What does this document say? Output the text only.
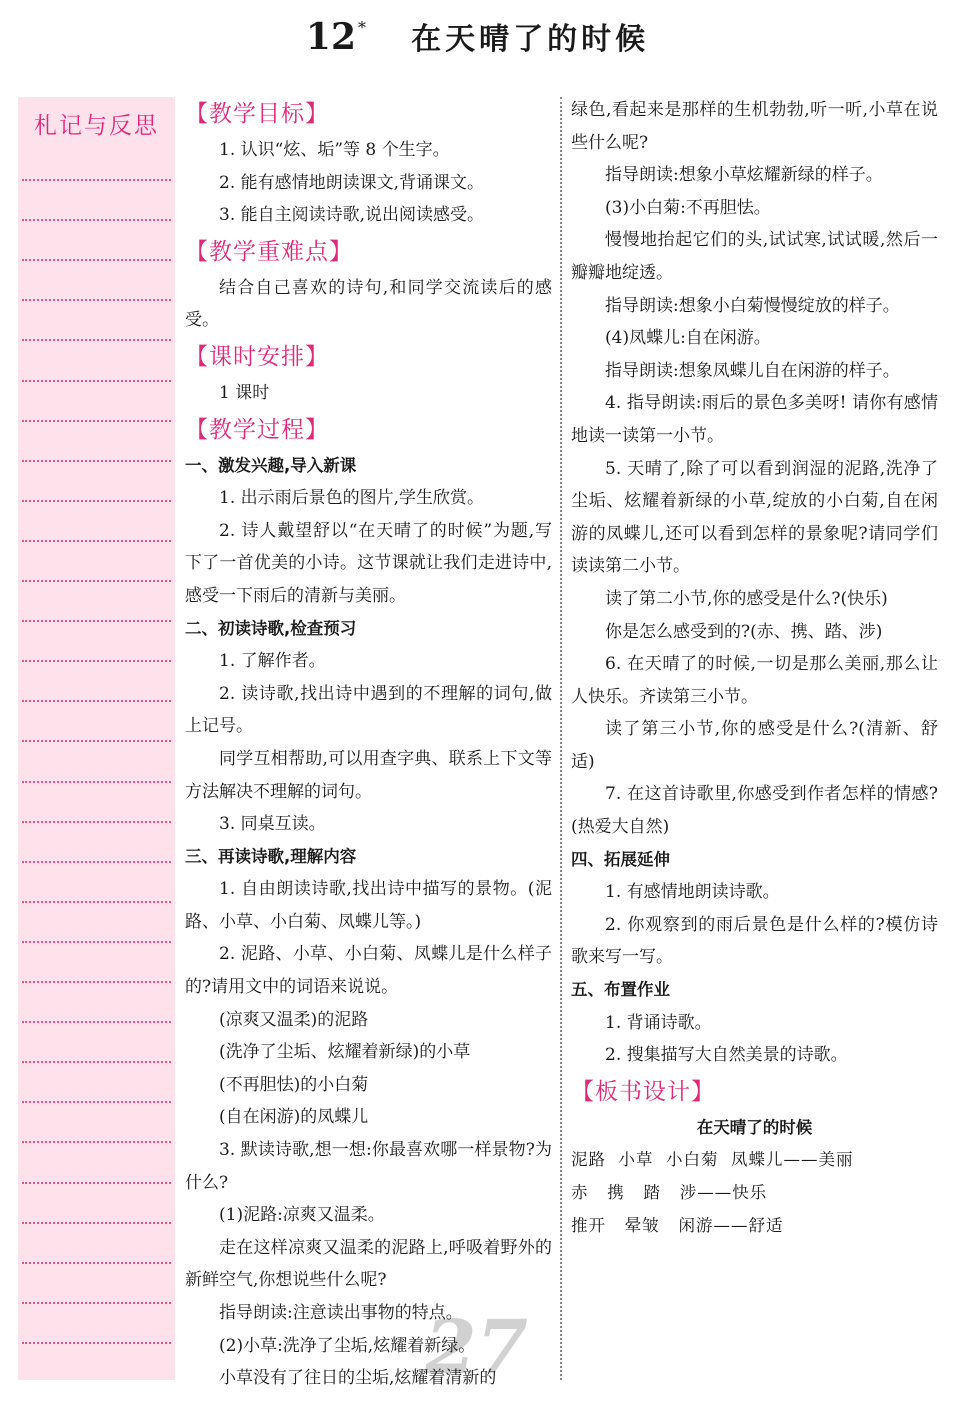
12 * 在天晴了的时候
札记与反思	【教学目标】

1. 认识“炫、垢”等 8 个生字。

2. 能有感情地朗读课文,背诵课文。

3. 能自主阅读诗歌,说出阅读感受。

【教学重难点】

结合自己喜欢的诗句,和同学交流读后的感受。

【课时安排】

1 课时

【教学过程】

一、激发兴趣,导入新课

1. 出示雨后景色的图片,学生欣赏。

2. 诗人戴望舒以“在天晴了的时候”为题,写下了一首优美的小诗。这节课就让我们走进诗中,感受一下雨后的清新与美丽。

二、初读诗歌,检查预习

1. 了解作者。

2. 读诗歌,找出诗中遇到的不理解的词句,做上记号。

同学互相帮助,可以用查字典、联系上下文等方法解决不理解的词句。

3. 同桌互读。

三、再读诗歌,理解内容

1. 自由朗读诗歌,找出诗中描写的景物。(泥路、小草、小白菊、凤蝶儿等。)

2. 泥路、小草、小白菊、凤蝶儿是什么样子的?请用文中的词语来说说。

(凉爽又温柔)的泥路

(洗净了尘垢、炫耀着新绿)的小草

(不再胆怯)的小白菊

(自在闲游)的凤蝶儿

3. 默读诗歌,想一想:你最喜欢哪一样景物?为什么?

(1)泥路:凉爽又温柔。

走在这样凉爽又温柔的泥路上,呼吸着野外的新鲜空气,你想说些什么呢?

指导朗读:注意读出事物的特点。

(2)小草:洗净了尘垢,炫耀着新绿。

小草没有了往日的尘垢,炫耀着清新的

绿色,看起来是那样的生机勃勃,听一听,小草在说些什么呢?

指导朗读:想象小草炫耀新绿的样子。

(3)小白菊:不再胆怯。

慢慢地抬起它们的头,试试寒,试试暖,然后一瓣瓣地绽透。

指导朗读:想象小白菊慢慢绽放的样子。

(4)凤蝶儿:自在闲游。

指导朗读:想象凤蝶儿自在闲游的样子。

4. 指导朗读:雨后的景色多美呀! 请你有感情地读一读第一小节。

5. 天晴了,除了可以看到润湿的泥路,洗净了尘垢、炫耀着新绿的小草,绽放的小白菊,自在闲游的凤蝶儿,还可以看到怎样的景象呢?请同学们读读第二小节。

读了第二小节,你的感受是什么?(快乐)

你是怎么感受到的?(赤、携、踏、涉)

6. 在天晴了的时候,一切是那么美丽,那么让人快乐。齐读第三小节。

读了第三小节,你的感受是什么?(清新、舒适)

7. 在这首诗歌里,你感受到作者怎样的情感?(热爱大自然)

四、拓展延伸

1. 有感情地朗读诗歌。

2. 你观察到的雨后景色是什么样的?模仿诗歌来写一写。

五、布置作业

1. 背诵诗歌。

2. 搜集描写大自然美景的诗歌。

【板书设计】

在天晴了的时候

泥路  小草  小白菊  凤蝶儿——美丽

赤   携   踏   涉——快乐

推开   晕皱   闲游——舒适

27
